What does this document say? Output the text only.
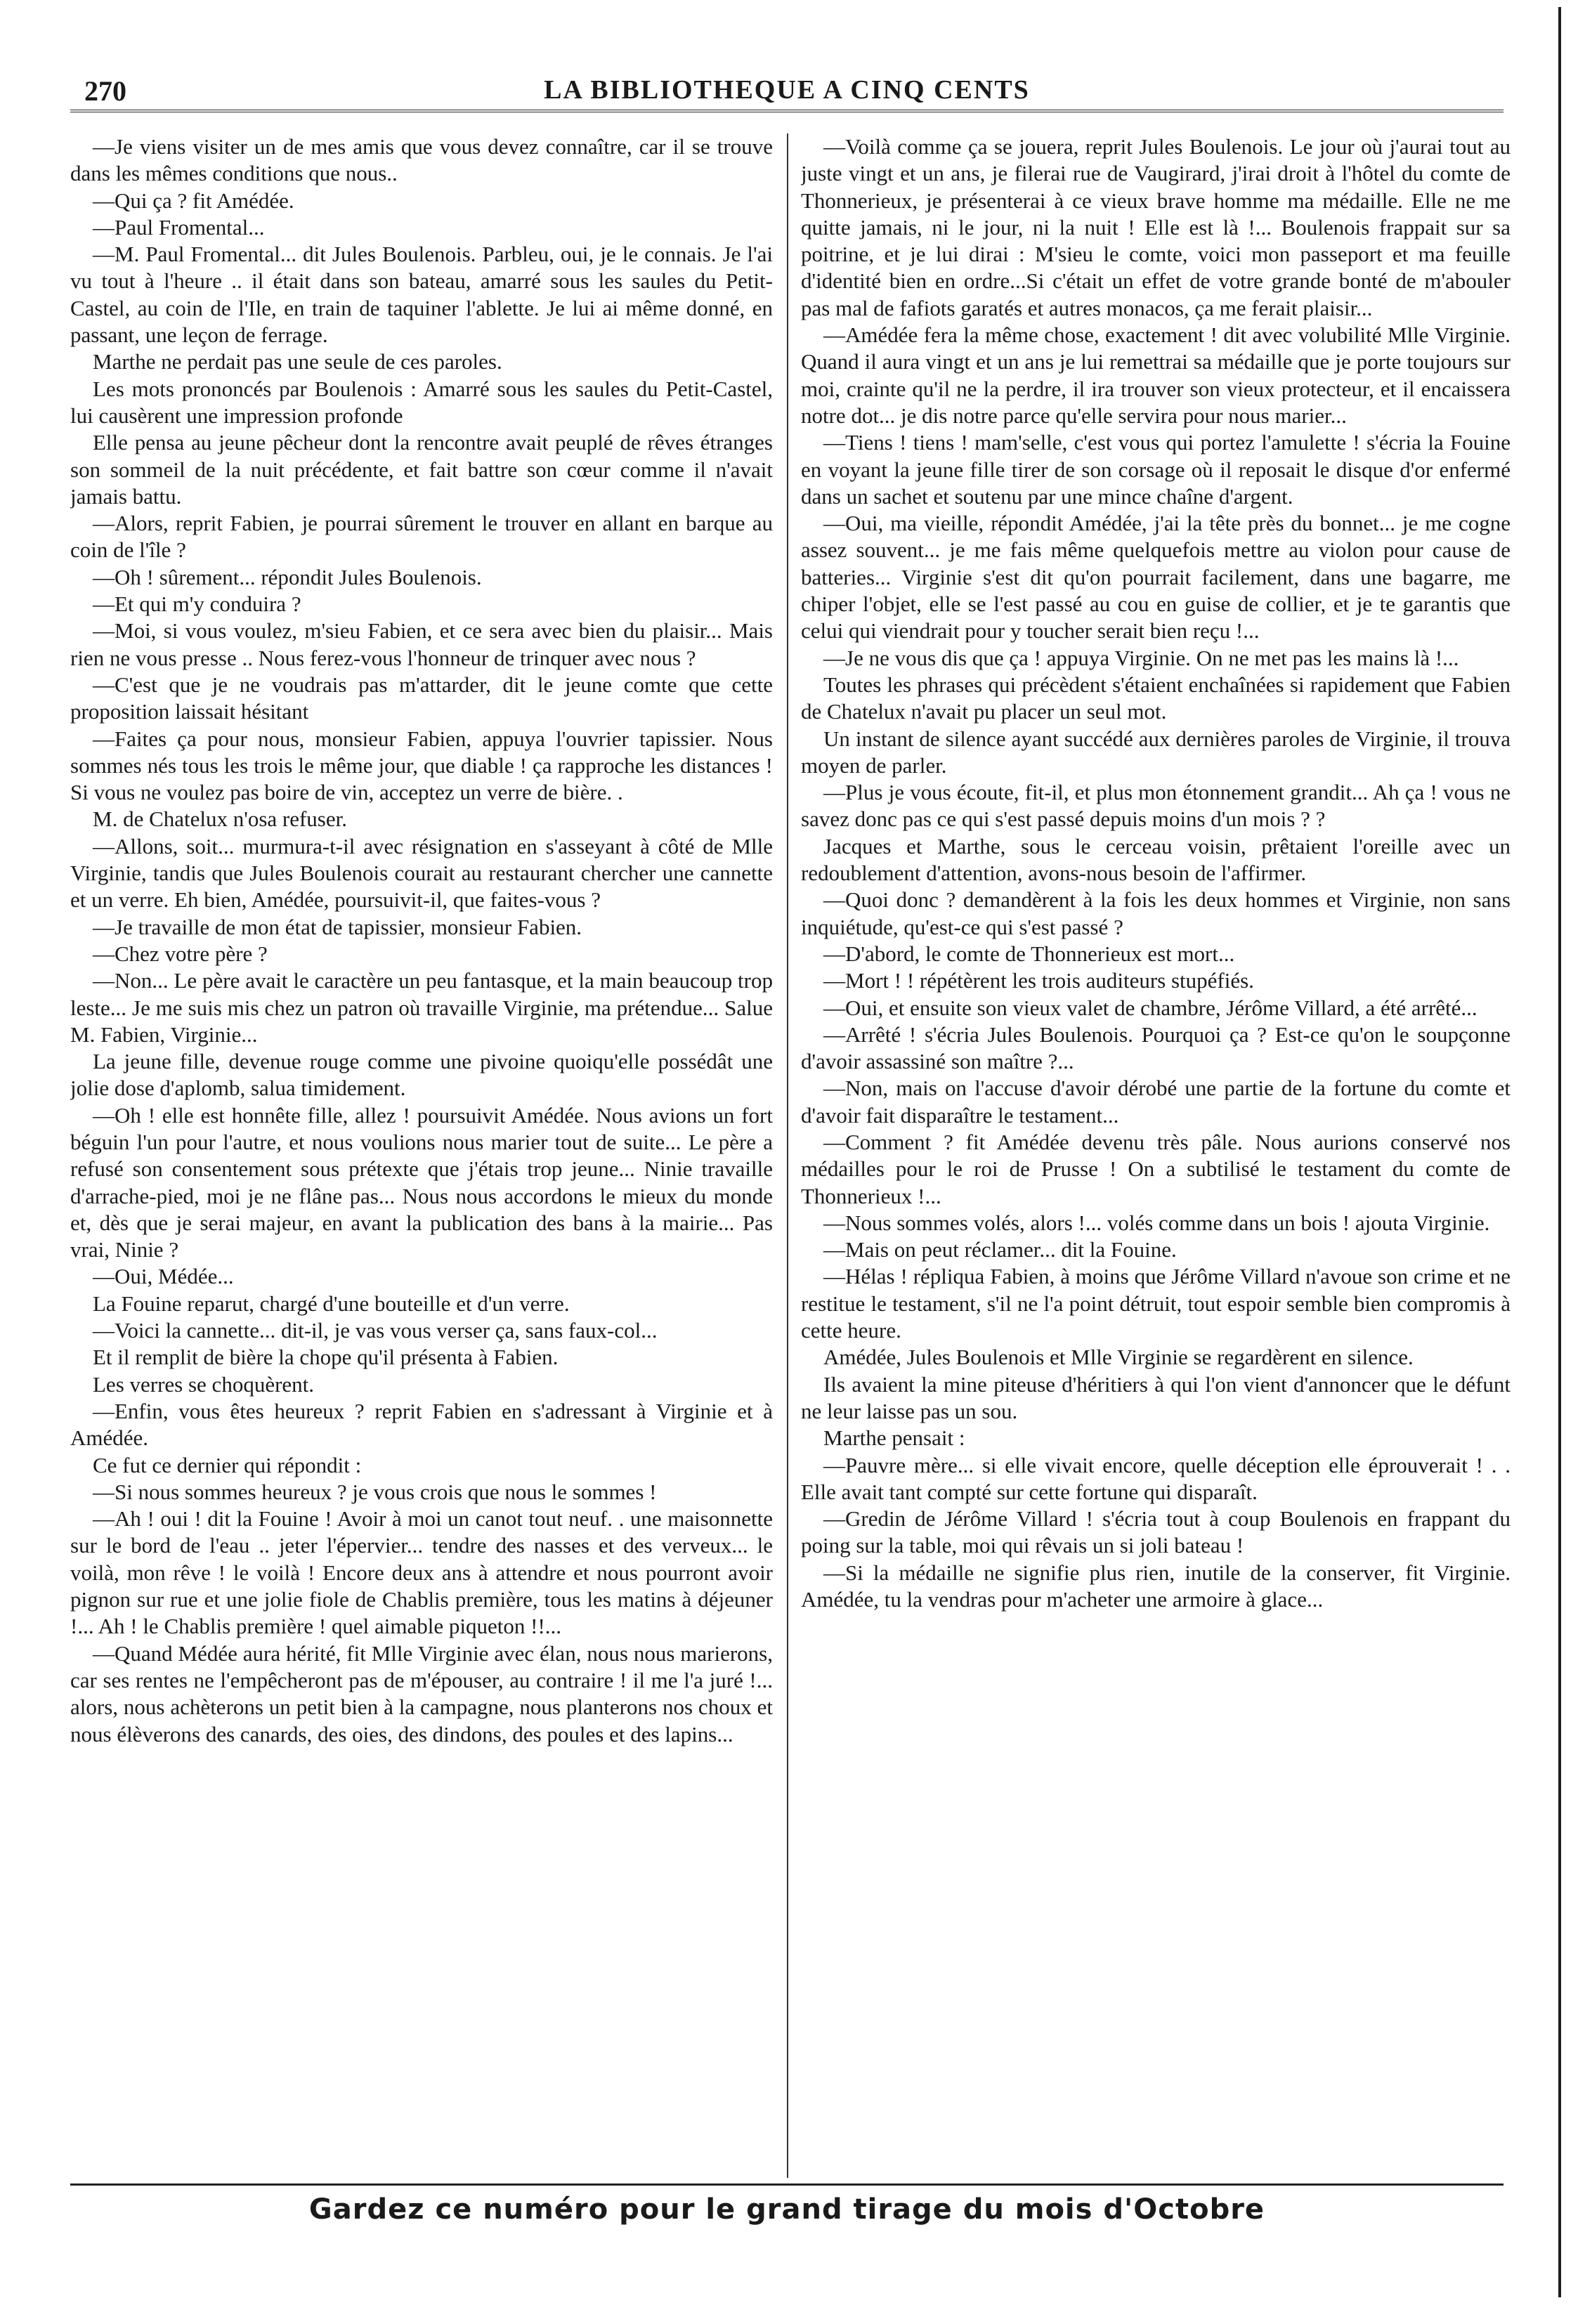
270	LA BIBLIOTHEQUE A CINQ CENTS

—Je viens visiter un de mes amis que vous devez connaître, car il se trouve dans les mêmes conditions que nous..

—Qui ça ? fit Amédée.

—Paul Fromental...

—M. Paul Fromental... dit Jules Boulenois. Parbleu, oui, je le connais. Je l'ai vu tout à l'heure .. il était dans son bateau, amarré sous les saules du Petit-Castel, au coin de l'Ile, en train de taquiner l'ablette. Je lui ai même donné, en passant, une leçon de ferrage.

Marthe ne perdait pas une seule de ces paroles.

Les mots prononcés par Boulenois : Amarré sous les saules du Petit-Castel, lui causèrent une impression profonde

Elle pensa au jeune pêcheur dont la rencontre avait peuplé de rêves étranges son sommeil de la nuit précédente, et fait battre son cœur comme il n'avait jamais battu.

—Alors, reprit Fabien, je pourrai sûrement le trouver en allant en barque au coin de l'île ?

—Oh ! sûrement... répondit Jules Boulenois.

—Et qui m'y conduira ?

—Moi, si vous voulez, m'sieu Fabien, et ce sera avec bien du plaisir... Mais rien ne vous presse .. Nous ferez-vous l'honneur de trinquer avec nous ?

—C'est que je ne voudrais pas m'attarder, dit le jeune comte que cette proposition laissait hésitant

—Faites ça pour nous, monsieur Fabien, appuya l'ouvrier tapissier. Nous sommes nés tous les trois le même jour, que diable ! ça rapproche les distances ! Si vous ne voulez pas boire de vin, acceptez un verre de bière. .

M. de Chatelux n'osa refuser.

—Allons, soit... murmura-t-il avec résignation en s'asseyant à côté de Mlle Virginie, tandis que Jules Boulenois courait au restaurant chercher une cannette et un verre. Eh bien, Amédée, poursuivit-il, que faites-vous ?

—Je travaille de mon état de tapissier, monsieur Fabien.

—Chez votre père ?

—Non... Le père avait le caractère un peu fantasque, et la main beaucoup trop leste... Je me suis mis chez un patron où travaille Virginie, ma prétendue... Salue M. Fabien, Virginie...

La jeune fille, devenue rouge comme une pivoine quoiqu'elle possédât une jolie dose d'aplomb, salua timidement.

—Oh ! elle est honnête fille, allez ! poursuivit Amédée. Nous avions un fort béguin l'un pour l'autre, et nous voulions nous marier tout de suite... Le père a refusé son consentement sous prétexte que j'étais trop jeune... Ninie travaille d'arrache-pied, moi je ne flâne pas... Nous nous accordons le mieux du monde et, dès que je serai majeur, en avant la publication des bans à la mairie... Pas vrai, Ninie ?

—Oui, Médée...

La Fouine reparut, chargé d'une bouteille et d'un verre.

—Voici la cannette... dit-il, je vas vous verser ça, sans faux-col...

Et il remplit de bière la chope qu'il présenta à Fabien.

Les verres se choquèrent.

—Enfin, vous êtes heureux ? reprit Fabien en s'adressant à Virginie et à Amédée.

Ce fut ce dernier qui répondit :

—Si nous sommes heureux ? je vous crois que nous le sommes !

—Ah ! oui ! dit la Fouine ! Avoir à moi un canot tout neuf. . une maisonnette sur le bord de l'eau .. jeter l'épervier... tendre des nasses et des verveux... le voilà, mon rêve ! le voilà ! Encore deux ans à attendre et nous pourront avoir pignon sur rue et une jolie fiole de Chablis première, tous les matins à déjeuner !... Ah ! le Chablis première ! quel aimable piqueton !!...

—Quand Médée aura hérité, fit Mlle Virginie avec élan, nous nous marierons, car ses rentes ne l'empêcheront pas de m'épouser, au contraire ! il me l'a juré !... alors, nous achèterons un petit bien à la campagne, nous planterons nos choux et nous élèverons des canards, des oies, des dindons, des poules et des lapins...

—Voilà comme ça se jouera, reprit Jules Boulenois. Le jour où j'aurai tout au juste vingt et un ans, je filerai rue de Vaugirard, j'irai droit à l'hôtel du comte de Thonnerieux, je présenterai à ce vieux brave homme ma médaille. Elle ne me quitte jamais, ni le jour, ni la nuit ! Elle est là !... Boulenois frappait sur sa poitrine, et je lui dirai : M'sieu le comte, voici mon passeport et ma feuille d'identité bien en ordre...Si c'était un effet de votre grande bonté de m'abouler pas mal de fafiots garatés et autres monacos, ça me ferait plaisir...

—Amédée fera la même chose, exactement ! dit avec volubilité Mlle Virginie. Quand il aura vingt et un ans je lui remettrai sa médaille que je porte toujours sur moi, crainte qu'il ne la perdre, il ira trouver son vieux protecteur, et il encaissera notre dot... je dis notre parce qu'elle servira pour nous marier...

—Tiens ! tiens ! mam'selle, c'est vous qui portez l'amulette ! s'écria la Fouine en voyant la jeune fille tirer de son corsage où il reposait le disque d'or enfermé dans un sachet et soutenu par une mince chaîne d'argent.

—Oui, ma vieille, répondit Amédée, j'ai la tête près du bonnet... je me cogne assez souvent... je me fais même quelquefois mettre au violon pour cause de batteries... Virginie s'est dit qu'on pourrait facilement, dans une bagarre, me chiper l'objet, elle se l'est passé au cou en guise de collier, et je te garantis que celui qui viendrait pour y toucher serait bien reçu !...

—Je ne vous dis que ça ! appuya Virginie. On ne met pas les mains là !...

Toutes les phrases qui précèdent s'étaient enchaînées si rapidement que Fabien de Chatelux n'avait pu placer un seul mot.

Un instant de silence ayant succédé aux dernières paroles de Virginie, il trouva moyen de parler.

—Plus je vous écoute, fit-il, et plus mon étonnement grandit... Ah ça ! vous ne savez donc pas ce qui s'est passé depuis moins d'un mois ? ?

Jacques et Marthe, sous le cerceau voisin, prêtaient l'oreille avec un redoublement d'attention, avons-nous besoin de l'affirmer.

—Quoi donc ? demandèrent à la fois les deux hommes et Virginie, non sans inquiétude, qu'est-ce qui s'est passé ?

—D'abord, le comte de Thonnerieux est mort...

—Mort ! ! répétèrent les trois auditeurs stupéfiés.

—Oui, et ensuite son vieux valet de chambre, Jérôme Villard, a été arrêté...

—Arrêté ! s'écria Jules Boulenois. Pourquoi ça ? Est-ce qu'on le soupçonne d'avoir assassiné son maître ?...

—Non, mais on l'accuse d'avoir dérobé une partie de la fortune du comte et d'avoir fait disparaître le testament...

—Comment ? fit Amédée devenu très pâle. Nous aurions conservé nos médailles pour le roi de Prusse ! On a subtilisé le testament du comte de Thonnerieux !...

—Nous sommes volés, alors !... volés comme dans un bois ! ajouta Virginie.

—Mais on peut réclamer... dit la Fouine.

—Hélas ! répliqua Fabien, à moins que Jérôme Villard n'avoue son crime et ne restitue le testament, s'il ne l'a point détruit, tout espoir semble bien compromis à cette heure.

Amédée, Jules Boulenois et Mlle Virginie se regardèrent en silence.

Ils avaient la mine piteuse d'héritiers à qui l'on vient d'annoncer que le défunt ne leur laisse pas un sou.

Marthe pensait :

—Pauvre mère... si elle vivait encore, quelle déception elle éprouverait ! . . Elle avait tant compté sur cette fortune qui disparaît.

—Gredin de Jérôme Villard ! s'écria tout à coup Boulenois en frappant du poing sur la table, moi qui rêvais un si joli bateau !

—Si la médaille ne signifie plus rien, inutile de la conserver, fit Virginie. Amédée, tu la vendras pour m'acheter une armoire à glace...

Gardez ce numéro pour le grand tirage du mois d'Octobre
